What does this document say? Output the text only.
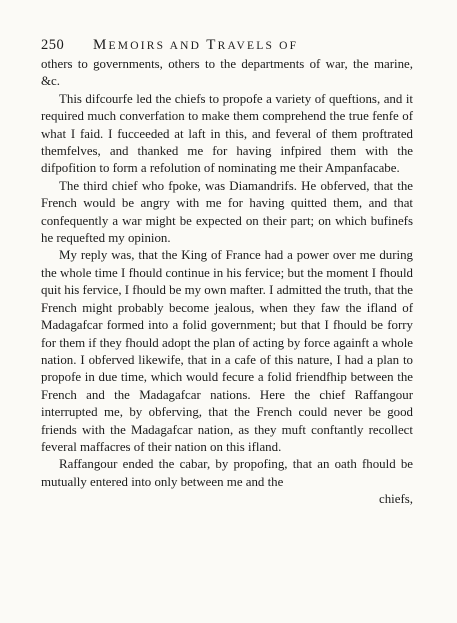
250 MEMOIRS AND TRAVELS OF

others to governments, others to the departments of war, the marine, &c.

This difcourfe led the chiefs to propofe a variety of queftions, and it required much converfation to make them comprehend the true fenfe of what I faid. I fucceeded at laft in this, and feveral of them proftrated themfelves, and thanked me for having infpired them with the difpofition to form a refolution of nominating me their Ampanfacabe.

The third chief who fpoke, was Diamandrifs. He obferved, that the French would be angry with me for having quitted them, and that confequently a war might be expected on their part; on which bufinefs he requefted my opinion.

My reply was, that the King of France had a power over me during the whole time I fhould continue in his fervice; but the moment I fhould quit his fervice, I fhould be my own mafter. I admitted the truth, that the French might probably become jealous, when they faw the ifland of Madagafcar formed into a folid government; but that I fhould be forry for them if they fhould adopt the plan of acting by force againft a whole nation. I obferved likewife, that in a cafe of this nature, I had a plan to propofe in due time, which would fecure a folid friendfhip between the French and the Madagafcar nations. Here the chief Raffangour interrupted me, by obferving, that the French could never be good friends with the Madagafcar nation, as they muft conftantly recollect feveral maffacres of their nation on this ifland.

Raffangour ended the cabar, by propofing, that an oath fhould be mutually entered into only between me and the

chiefs,
